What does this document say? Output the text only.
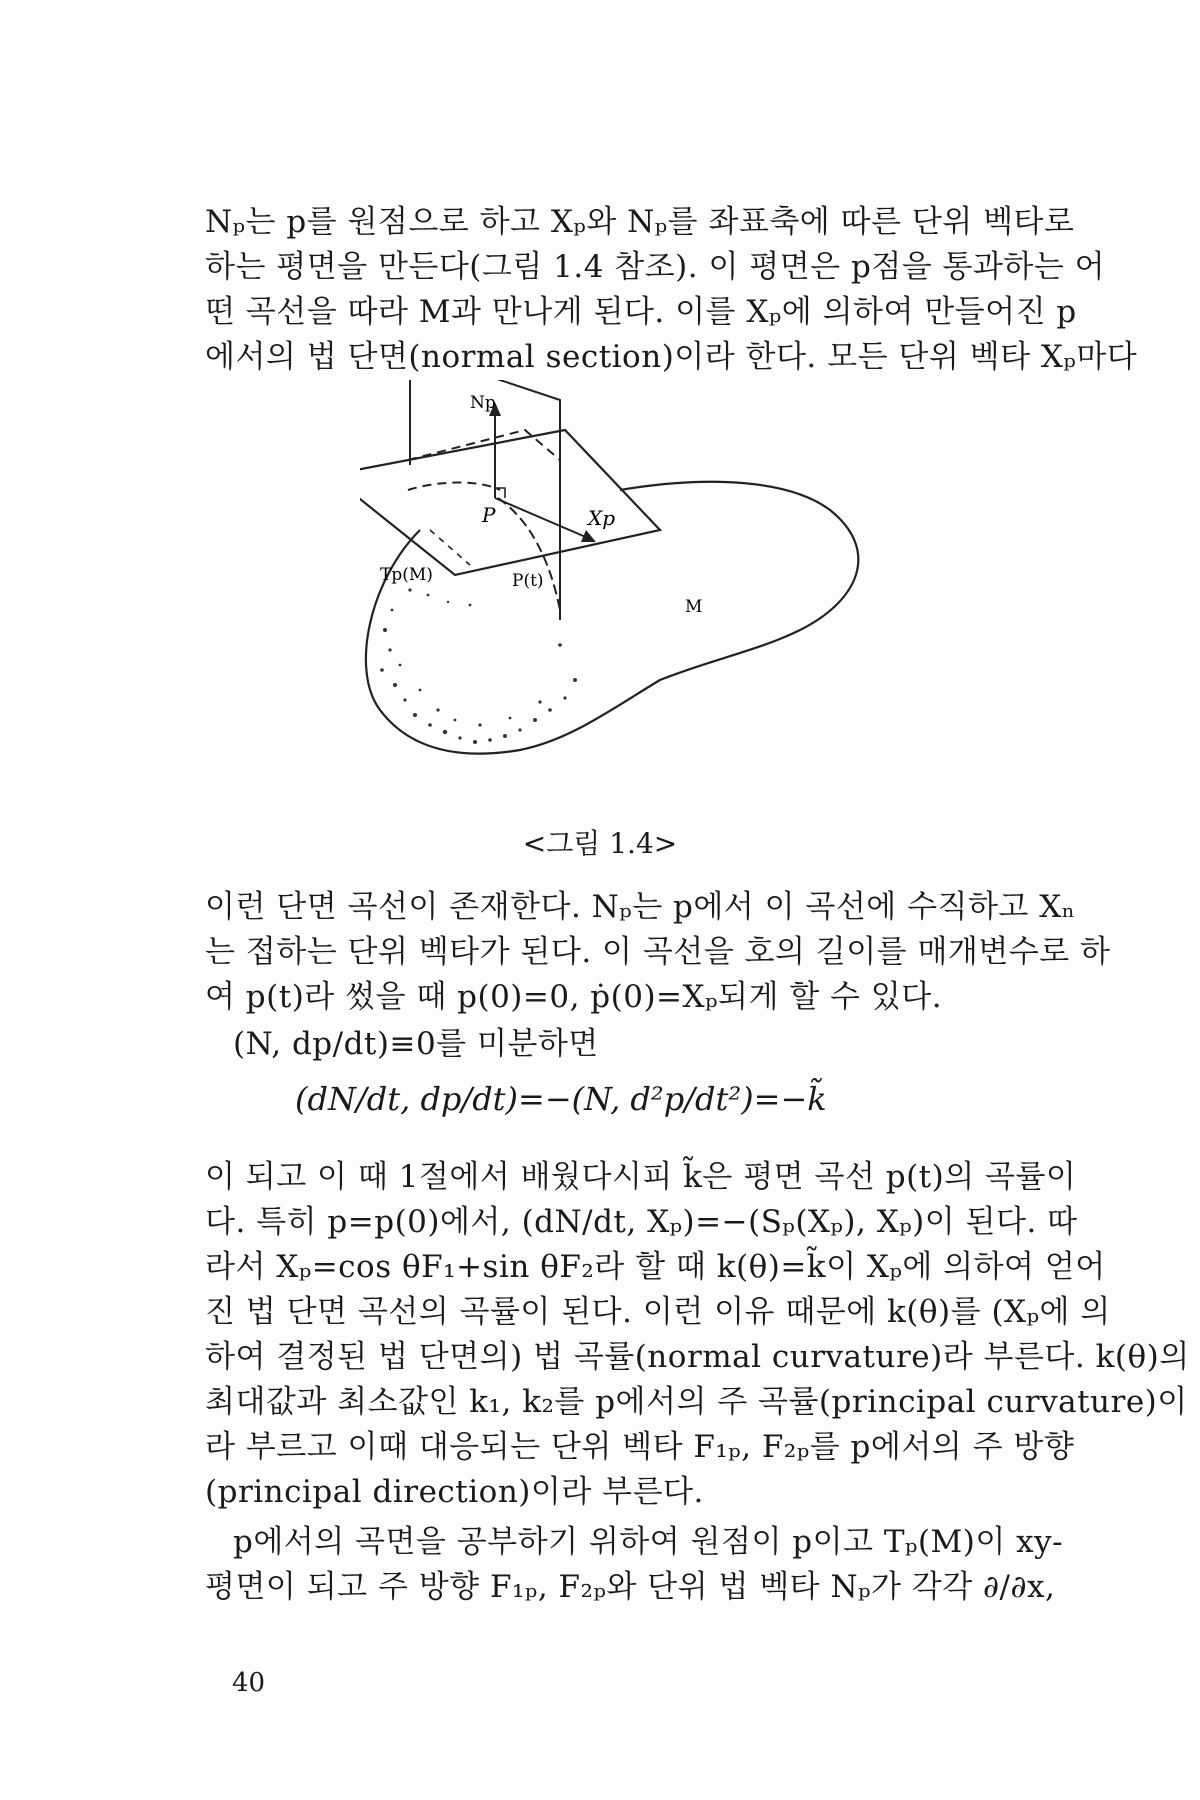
Nₚ는 p를 원점으로 하고 Xₚ와 Nₚ를 좌표축에 따른 단위 벡타로
하는 평면을 만든다(그림 1.4 참조). 이 평면은 p점을 통과하는 어
떤 곡선을 따라 M과 만나게 된다. 이를 Xₚ에 의하여 만들어진 p
에서의 법 단면(normal section)이라 한다. 모든 단위 벡타 Xₚ마다

Np
P	Xp
Tp(M)	P(t)
M
<그림 1.4>

이런 단면 곡선이 존재한다. Nₚ는 p에서 이 곡선에 수직하고 Xₙ
는 접하는 단위 벡타가 된다. 이 곡선을 호의 길이를 매개변수로 하
여 p(t)라 썼을 때 p(0)=0, ṗ(0)=Xₚ되게 할 수 있다.

(N, dp/dt)≡0를 미분하면

(dN/dt, dp/dt)=−(N, d²p/dt²)=−k̃

이 되고 이 때 1절에서 배웠다시피 k̃은 평면 곡선 p(t)의 곡률이
다. 특히 p=p(0)에서, (dN/dt, Xₚ)=−(Sₚ(Xₚ), Xₚ)이 된다. 따
라서 Xₚ=cos θF₁+sin θF₂라 할 때 k(θ)=k̃이 Xₚ에 의하여 얻어
진 법 단면 곡선의 곡률이 된다. 이런 이유 때문에 k(θ)를 (Xₚ에 의
하여 결정된 법 단면의) 법 곡률(normal curvature)라 부른다. k(θ)의
최대값과 최소값인 k₁, k₂를 p에서의 주 곡률(principal curvature)이
라 부르고 이때 대응되는 단위 벡타 F₁ₚ, F₂ₚ를 p에서의 주 방향
(principal direction)이라 부른다.

p에서의 곡면을 공부하기 위하여 원점이 p이고 Tₚ(M)이 xy-
평면이 되고 주 방향 F₁ₚ, F₂ₚ와 단위 법 벡타 Nₚ가 각각 ∂/∂x,

40
